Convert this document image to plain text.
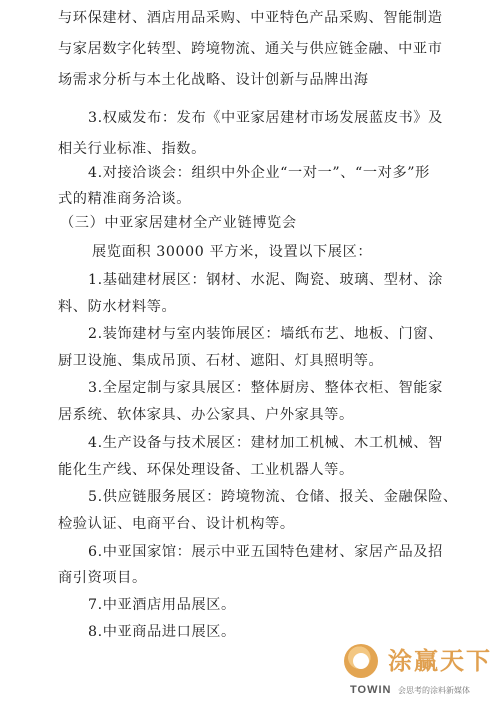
与环保建材、酒店用品采购、中亚特色产品采购、智能制造
与家居数字化转型、跨境物流、通关与供应链金融、中亚市
场需求分析与本土化战略、设计创新与品牌出海
3.权威发布：发布《中亚家居建材市场发展蓝皮书》及
相关行业标准、指数。
4.对接洽谈会：组织中外企业“一对一”、“一对多”形
式的精准商务洽谈。
（三）中亚家居建材全产业链博览会
展览面积 30000 平方米，设置以下展区：
1.基础建材展区：钢材、水泥、陶瓷、玻璃、型材、涂
料、防水材料等。
2.装饰建材与室内装饰展区：墙纸布艺、地板、门窗、
厨卫设施、集成吊顶、石材、遮阳、灯具照明等。
3.全屋定制与家具展区：整体厨房、整体衣柜、智能家
居系统、软体家具、办公家具、户外家具等。
4.生产设备与技术展区：建材加工机械、木工机械、智
能化生产线、环保处理设备、工业机器人等。
5.供应链服务展区：跨境物流、仓储、报关、金融保险、
检验认证、电商平台、设计机构等。
6.中亚国家馆：展示中亚五国特色建材、家居产品及招
商引资项目。
7.中亚酒店用品展区。
8.中亚商品进口展区。
涂赢天下
TOWIN 会思考的涂料新媒体
